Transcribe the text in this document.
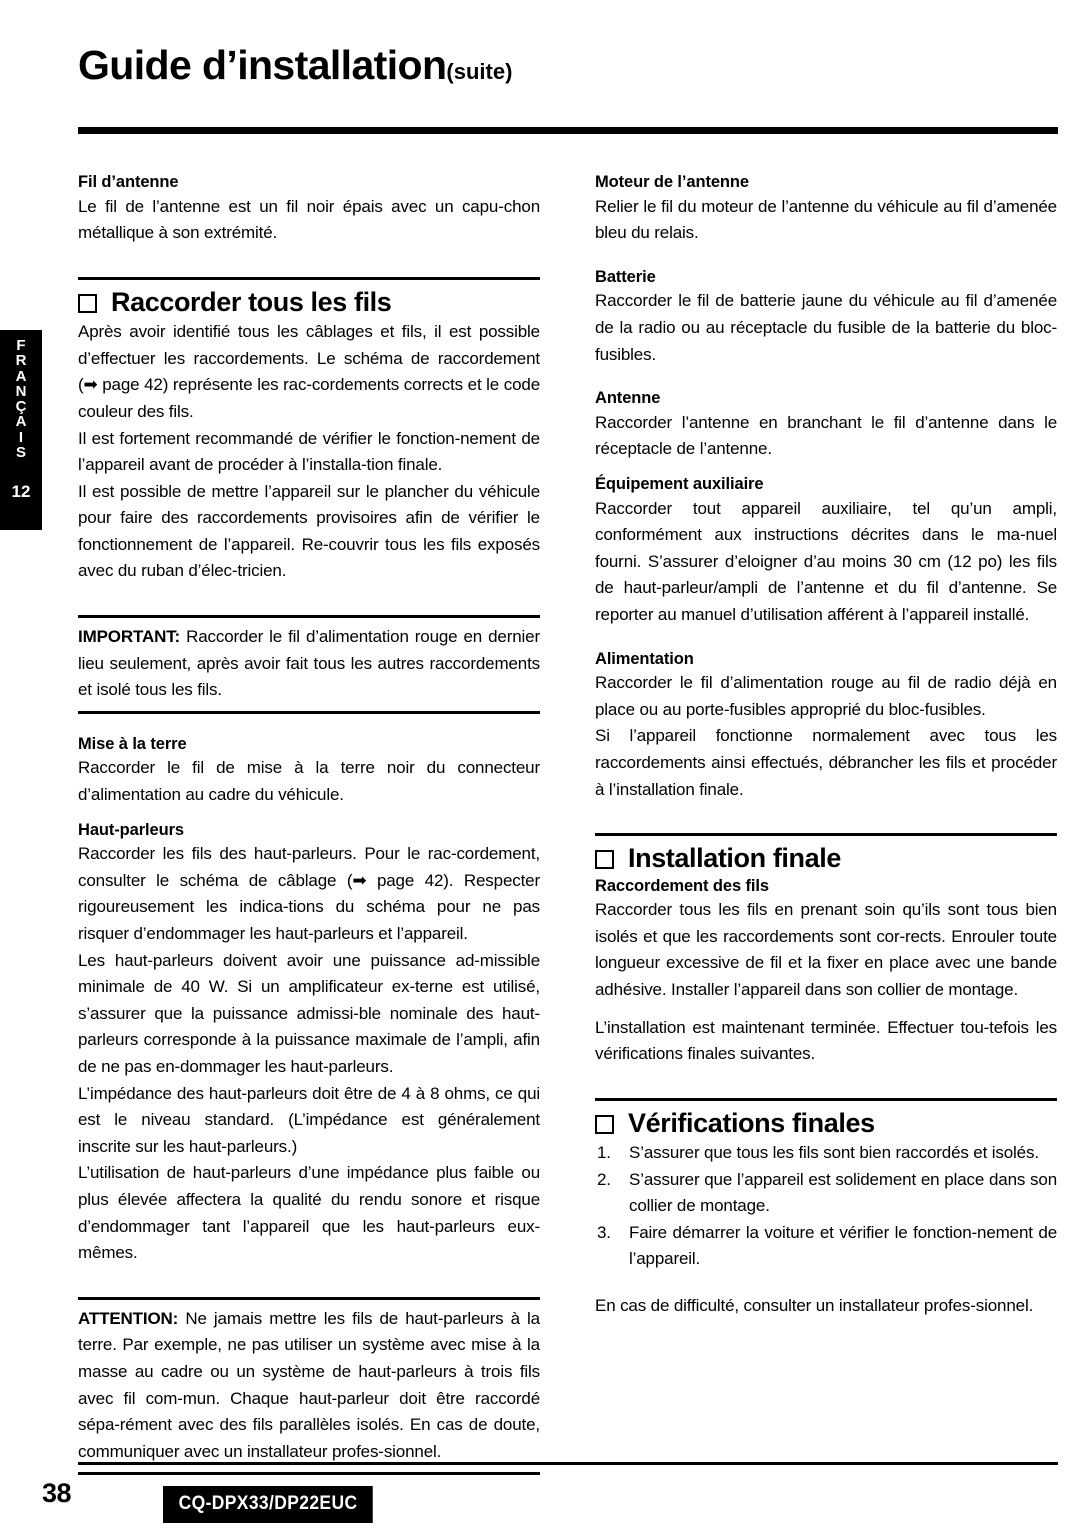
F
R
A
N
Ç
A
I
S
12
Guide d’installation(suite)
Fil d’antenne

Le fil de l’antenne est un fil noir épais avec un capu-chon métallique à son extrémité.

Raccorder tous les fils

Après avoir identifié tous les câblages et fils, il est possible d’effectuer les raccordements. Le schéma de raccordement (➡ page 42) représente les rac-cordements corrects et le code couleur des fils.

Il est fortement recommandé de vérifier le fonction-nement de l’appareil avant de procéder à l’installa-tion finale.

Il est possible de mettre l’appareil sur le plancher du véhicule pour faire des raccordements provisoires afin de vérifier le fonctionnement de l’appareil. Re-couvrir tous les fils exposés avec du ruban d’élec-tricien.

IMPORTANT: Raccorder le fil d’alimentation rouge en dernier lieu seulement, après avoir fait tous les autres raccordements et isolé tous les fils.

Mise à la terre

Raccorder le fil de mise à la terre noir du connecteur d’alimentation au cadre du véhicule.

Haut-parleurs

Raccorder les fils des haut-parleurs. Pour le rac-cordement, consulter le schéma de câblage (➡ page 42). Respecter rigoureusement les indica-tions du schéma pour ne pas risquer d’endommager les haut-parleurs et l’appareil.

Les haut-parleurs doivent avoir une puissance ad-missible minimale de 40 W. Si un amplificateur ex-terne est utilisé, s’assurer que la puissance admissi-ble nominale des haut-parleurs corresponde à la puissance maximale de l’ampli, afin de ne pas en-dommager les haut-parleurs.

L’impédance des haut-parleurs doit être de 4 à 8 ohms, ce qui est le niveau standard. (L’impédance est généralement inscrite sur les haut-parleurs.)

L’utilisation de haut-parleurs d’une impédance plus faible ou plus élevée affectera la qualité du rendu sonore et risque d’endommager tant l’appareil que les haut-parleurs eux-mêmes.

ATTENTION: Ne jamais mettre les fils de haut-parleurs à la terre. Par exemple, ne pas utiliser un système avec mise à la masse au cadre ou un système de haut-parleurs à trois fils avec fil com-mun. Chaque haut-parleur doit être raccordé sépa-rément avec des fils parallèles isolés. En cas de doute, communiquer avec un installateur profes-sionnel.

Moteur de l’antenne

Relier le fil du moteur de l’antenne du véhicule au fil d’amenée bleu du relais.

Batterie

Raccorder le fil de batterie jaune du véhicule au fil d’amenée de la radio ou au réceptacle du fusible de la batterie du bloc-fusibles.

Antenne

Raccorder l’antenne en branchant le fil d’antenne dans le réceptacle de l’antenne.

Équipement auxiliaire

Raccorder tout appareil auxiliaire, tel qu’un ampli, conformément aux instructions décrites dans le ma-nuel fourni. S’assurer d’eloigner d’au moins 30 cm (12 po) les fils de haut-parleur/ampli de l’antenne et du fil d’antenne. Se reporter au manuel d’utilisation afférent à l’appareil installé.

Alimentation

Raccorder le fil d’alimentation rouge au fil de radio déjà en place ou au porte-fusibles approprié du bloc-fusibles.

Si l’appareil fonctionne normalement avec tous les raccordements ainsi effectués, débrancher les fils et procéder à l’installation finale.

Installation finale
Raccordement des fils

Raccorder tous les fils en prenant soin qu’ils sont tous bien isolés et que les raccordements sont cor-rects. Enrouler toute longueur excessive de fil et la fixer en place avec une bande adhésive. Installer l’appareil dans son collier de montage.

L’installation est maintenant terminée. Effectuer tou-tefois les vérifications finales suivantes.

Vérifications finales
1. S’assurer que tous les fils sont bien raccordés et isolés.
2. S’assurer que l’appareil est solidement en place dans son collier de montage.
3. Faire démarrer la voiture et vérifier le fonction-nement de l’appareil.

En cas de difficulté, consulter un installateur profes-sionnel.

38	CQ-DPX33/DP22EUC
